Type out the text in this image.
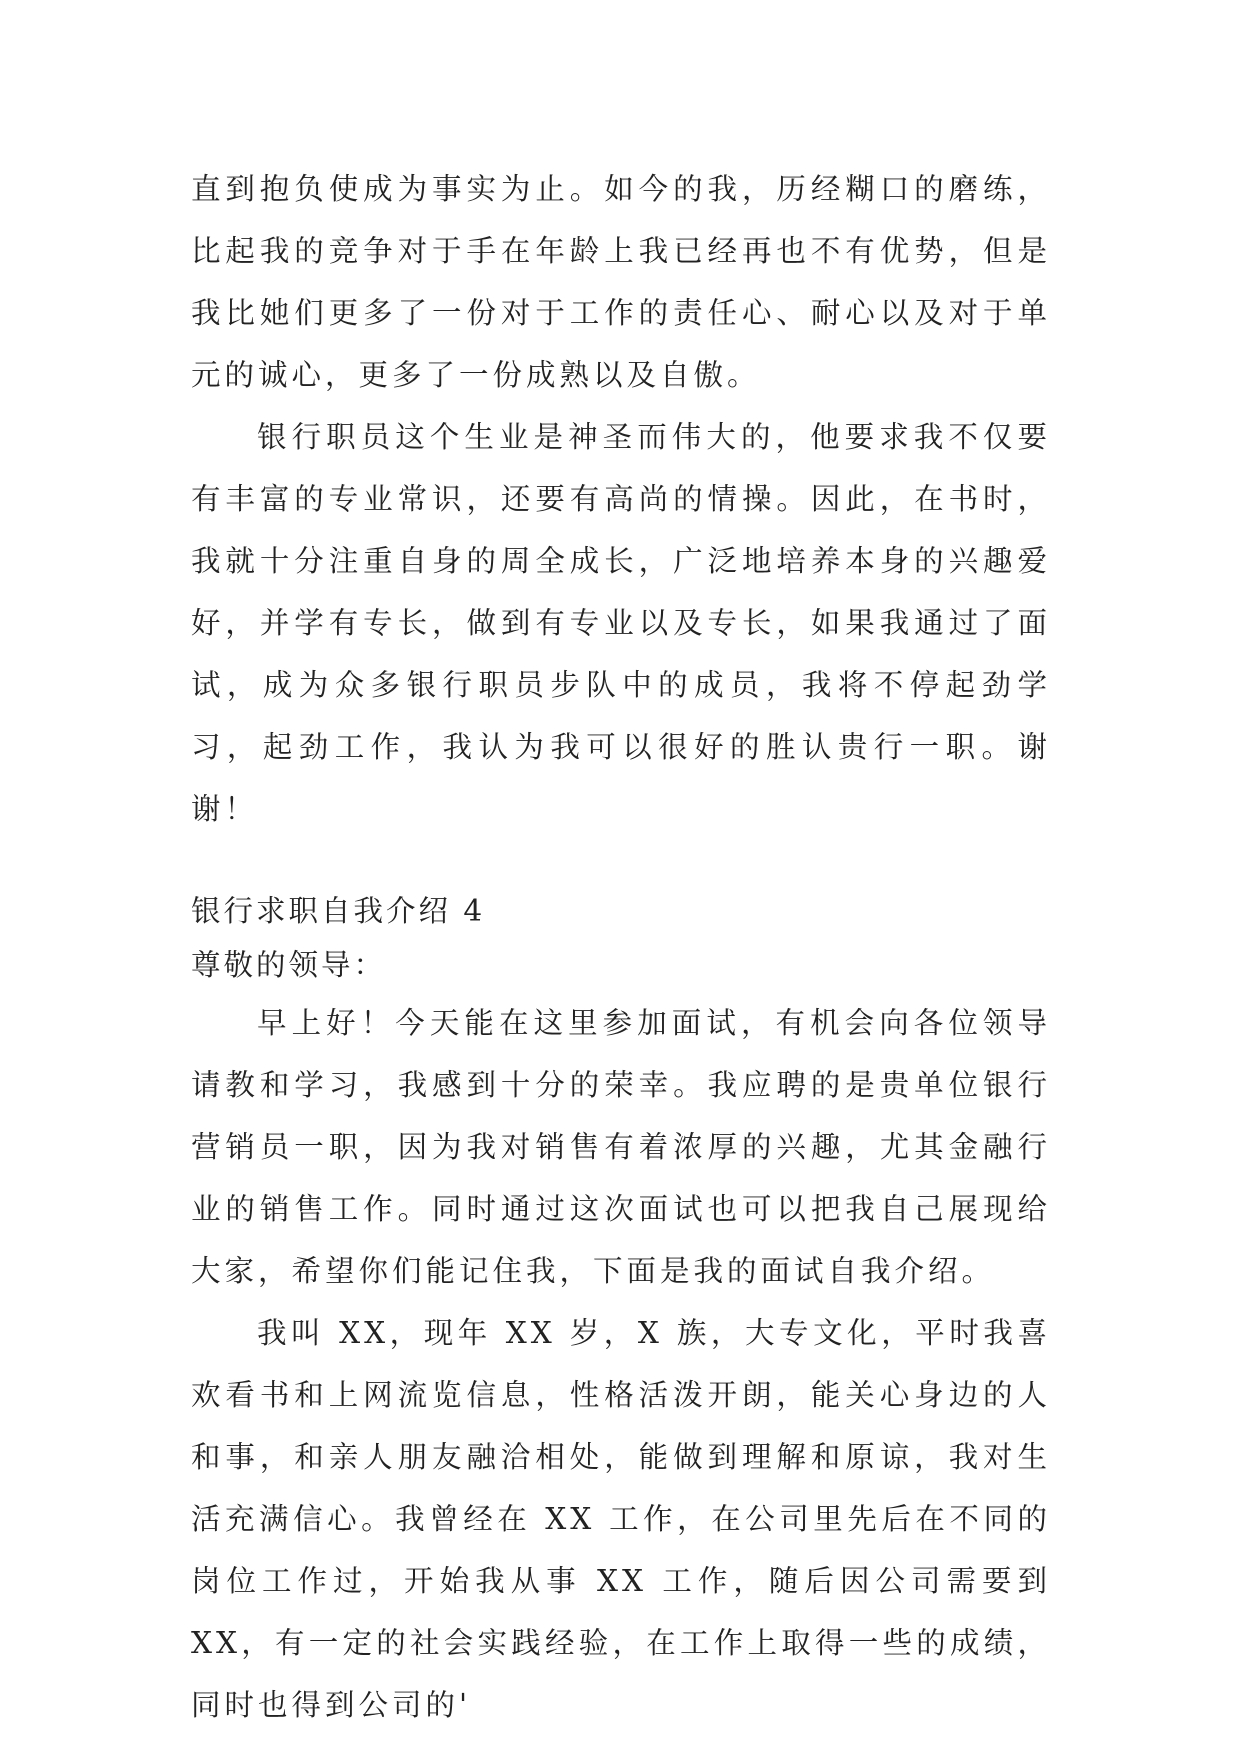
直到抱负使成为事实为止。如今的我，历经糊口的磨练，比起我的竞争对于手在年龄上我已经再也不有优势，但是我比她们更多了一份对于工作的责任心、耐心以及对于单元的诚心，更多了一份成熟以及自傲。

银行职员这个生业是神圣而伟大的，他要求我不仅要有丰富的专业常识，还要有高尚的情操。因此，在书时，我就十分注重自身的周全成长，广泛地培养本身的兴趣爱好，并学有专长，做到有专业以及专长，如果我通过了面试，成为众多银行职员步队中的成员，我将不停起劲学习，起劲工作，我认为我可以很好的胜认贵行一职。谢谢！

银行求职自我介绍 4

尊敬的领导：

早上好！今天能在这里参加面试，有机会向各位领导请教和学习，我感到十分的荣幸。我应聘的是贵单位银行营销员一职，因为我对销售有着浓厚的兴趣，尤其金融行业的销售工作。同时通过这次面试也可以把我自己展现给大家，希望你们能记住我，下面是我的面试自我介绍。

我叫 XX，现年 XX 岁，X 族，大专文化，平时我喜欢看书和上网流览信息，性格活泼开朗，能关心身边的人和事，和亲人朋友融洽相处，能做到理解和原谅，我对生活充满信心。我曾经在 XX 工作，在公司里先后在不同的岗位工作过，开始我从事 XX 工作，随后因公司需要到 XX，有一定的社会实践经验，在工作上取得一些的成绩，同时也得到公司的'
